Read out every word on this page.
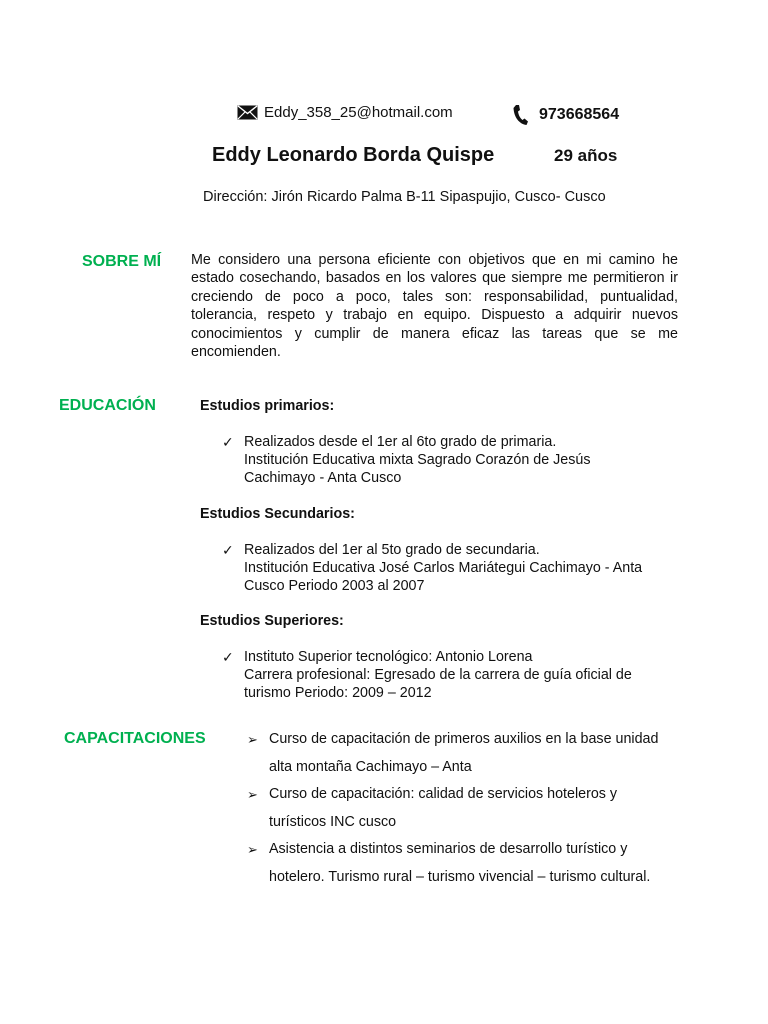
Eddy_358_25@hotmail.com	973668564
Eddy Leonardo Borda Quispe	29 años
Dirección: Jirón Ricardo Palma B-11 Sipaspujio, Cusco- Cusco
SOBRE MÍ Me considero una persona eficiente con objetivos que en mi camino he estado cosechando, basados en los valores que siempre me permitieron ir creciendo de poco a poco, tales son: responsabilidad, puntualidad, tolerancia, respeto y trabajo en equipo. Dispuesto a adquirir nuevos conocimientos y cumplir de manera eficaz las tareas que se me encomienden.
EDUCACIÓN	Estudios primarios:
✓ Realizados desde el 1er al 6to grado de primaria.
Institución Educativa mixta Sagrado Corazón de Jesús
Cachimayo - Anta Cusco
Estudios Secundarios:
✓ Realizados del 1er al 5to grado de secundaria.
Institución Educativa José Carlos Mariátegui Cachimayo - Anta
Cusco Periodo 2003 al 2007
Estudios Superiores:
✓ Instituto Superior tecnológico: Antonio Lorena
Carrera profesional: Egresado de la carrera de guía oficial de
turismo Periodo: 2009 – 2012
CAPACITACIONES	➢ Curso de capacitación de primeros auxilios en la base unidad
alta montaña Cachimayo – Anta
➢ Curso de capacitación: calidad de servicios hoteleros y
turísticos INC cusco
➢ Asistencia a distintos seminarios de desarrollo turístico y
hotelero. Turismo rural – turismo vivencial – turismo cultural.
